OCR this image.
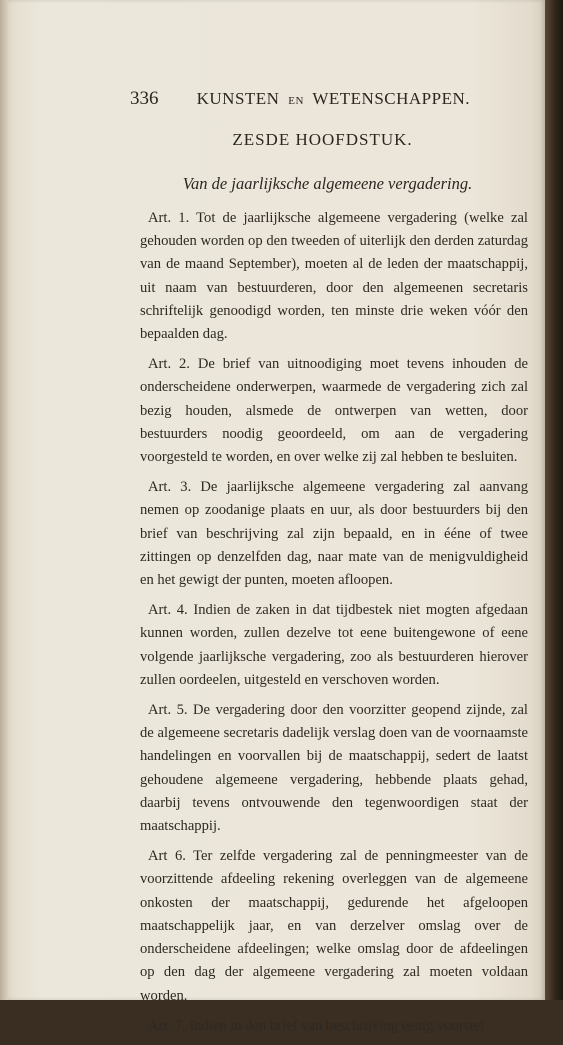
336 KUNSTEN EN WETENSCHAPPEN.
ZESDE HOOFDSTUK.
Van de jaarlijksche algemeene vergadering.

Art. 1. Tot de jaarlijksche algemeene vergadering (welke zal gehouden worden op den tweeden of uiterlijk den derden zaturdag van de maand September), moeten al de leden der maatschappij, uit naam van bestuurderen, door den algemeenen secretaris schriftelijk genoodigd worden, ten minste drie weken vóór den bepaalden dag.

Art. 2. De brief van uitnoodiging moet tevens inhouden de onderscheidene onderwerpen, waarmede de vergadering zich zal bezig houden, alsmede de ontwerpen van wetten, door bestuurders noodig geoordeeld, om aan de vergadering voorgesteld te worden, en over welke zij zal hebben te besluiten.

Art. 3. De jaarlijksche algemeene vergadering zal aanvang nemen op zoodanige plaats en uur, als door bestuurders bij den brief van beschrijving zal zijn bepaald, en in ééne of twee zittingen op denzelfden dag, naar mate van de menigvuldigheid en het gewigt der punten, moeten afloopen.

Art. 4. Indien de zaken in dat tijdbestek niet mogten afgedaan kunnen worden, zullen dezelve tot eene buitengewone of eene volgende jaarlijksche vergadering, zoo als bestuurderen hierover zullen oordeelen, uitgesteld en verschoven worden.

Art. 5. De vergadering door den voorzitter geopend zijnde, zal de algemeene secretaris dadelijk verslag doen van de voornaamste handelingen en voorvallen bij de maatschappij, sedert de laatst gehoudene algemeene vergadering, hebbende plaats gehad, daarbij tevens ontvouwende den tegenwoordigen staat der maatschappij.

Art 6. Ter zelfde vergadering zal de penningmeester van de voorzittende afdeeling rekening overleggen van de algemeene onkosten der maatschappij, gedurende het afgeloopen maatschappelijk jaar, en van derzelver omslag over de onderscheidene afdeelingen; welke omslag door de afdeelingen op den dag der algemeene vergadering zal moeten voldaan worden.

Art. 7. Indien in den brief van beschrijving eenig voorstel
